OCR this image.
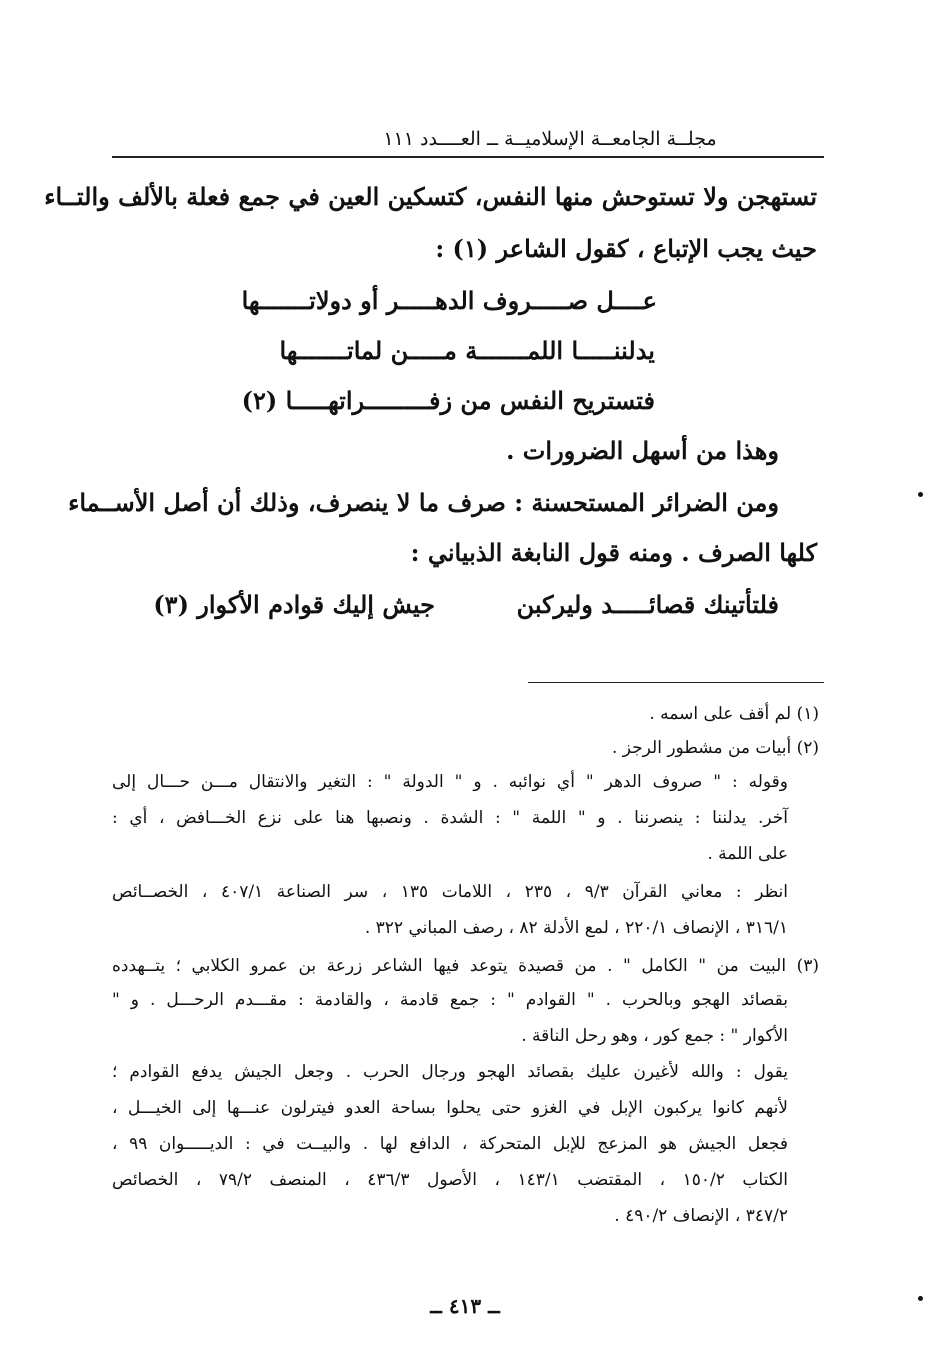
مجلــة الجامعــة الإسلاميــة ــ العــــدد ١١١
تستهجن ولا تستوحش منها النفس، كتسكين العين في جمع فعلة بالألف والتــاء
حيث يجب الإتباع ، كقول الشاعر (١) :
عــــل صـــــروف الدهـــــر أو دولاتـــــــها
يدلننـــــا اللمـــــــة مـــــن لماتـــــــها
فتستريح النفس من زفـــــــــراتهـــــا (٢)
وهذا من أسهل الضرورات .
ومن الضرائر المستحسنة : صرف ما لا ينصرف، وذلك أن أصل الأســماء
كلها الصرف . ومنه قول النابغة الذبياني :
فلتأتينك قصائـــــد وليركبن
جيش إليك قوادم الأكوار (٣)
(١) لم أقف على اسمه .
(٢) أبيات من مشطور الرجز .
وقوله : " صروف الدهر " أي نوائبه . و " الدولة " : التغير والانتقال مـــن حـــال إلى
آخر. يدلننا : ينصرننا . و " اللمة " : الشدة . ونصبها هنا على نزع الخـــافض ، أي :
على اللمة .
انظر : معاني القرآن ٩/٣ ، ٢٣٥ ، اللامات ١٣٥ ، سر الصناعة ٤٠٧/١ ، الخصــائص
٣١٦/١ ، الإنصاف ٢٢٠/١ ، لمع الأدلة ٨٢ ، رصف المباني ٣٢٢ .
(٣) البيت من " الكامل " . من قصيدة يتوعد فيها الشاعر زرعة بن عمرو الكلابي ؛ يتــهدده
بقصائد الهجو وبالحرب . " القوادم " : جمع قادمة ، والقادمة : مقـــدم الرحـــل . و "
الأكوار " : جمع كور ، وهو رحل الناقة .
يقول : والله لأغيرن عليك بقصائد الهجو ورجال الحرب . وجعل الجيش يدفع القوادم ؛
لأنهم كانوا يركبون الإبل في الغزو حتى يحلوا بساحة العدو فيترلون عنـــها إلى الخيـــل ،
فجعل الجيش هو المزعج للإبل المتحركة ، الدافع لها . والبيــت في : الديـــــوان ٩٩ ،
الكتاب ١٥٠/٢ ، المقتضب ١٤٣/١ ، الأصول ٤٣٦/٣ ، المنصف ٧٩/٢ ، الخصائص
٣٤٧/٢ ، الإنصاف ٤٩٠/٢ .
ــ ٤١٣ ــ
